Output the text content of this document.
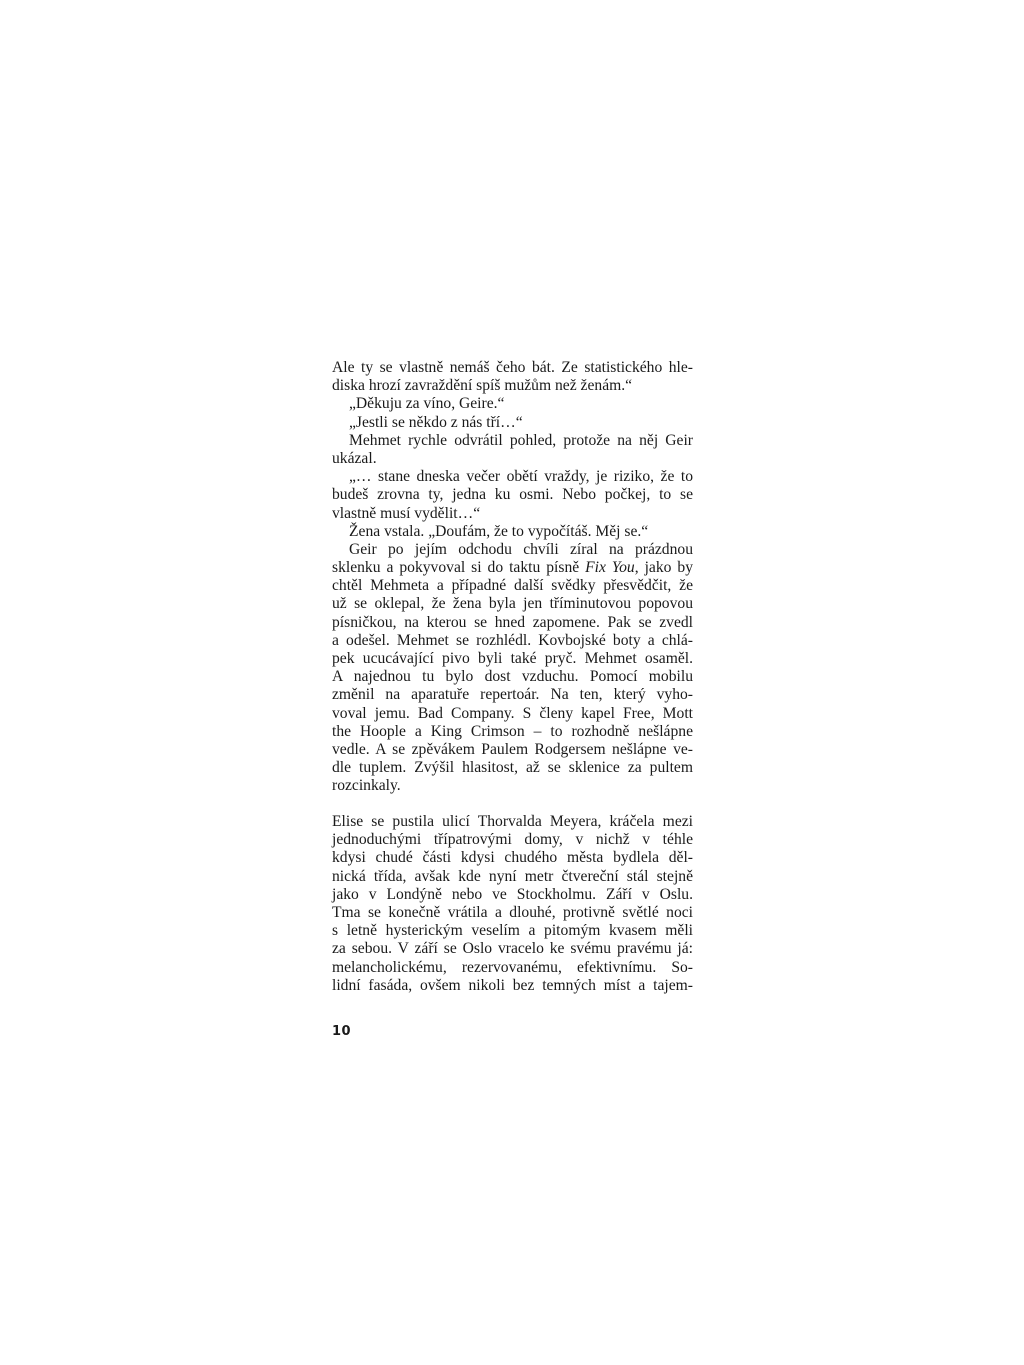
Ale ty se vlastně nemáš čeho bát. Ze statistického hle-
diska hrozí zavraždění spíš mužům než ženám.“
„Děkuju za víno, Geire.“
„Jestli se někdo z nás tří…“
Mehmet rychle odvrátil pohled, protože na něj Geir
ukázal.
„… stane dneska večer obětí vraždy, je riziko, že to
budeš zrovna ty, jedna ku osmi. Nebo počkej, to se
vlastně musí vydělit…“
Žena vstala. „Doufám, že to vypočítáš. Měj se.“
Geir po jejím odchodu chvíli zíral na prázdnou
sklenku a pokyvoval si do taktu písně Fix You, jako by
chtěl Mehmeta a případné další svědky přesvědčit, že
už se oklepal, že žena byla jen tříminutovou popovou
písničkou, na kterou se hned zapomene. Pak se zvedl
a odešel. Mehmet se rozhlédl. Kovbojské boty a chlá-
pek ucucávající pivo byli také pryč. Mehmet osaměl.
A najednou tu bylo dost vzduchu. Pomocí mobilu
změnil na aparatuře repertoár. Na ten, který vyho-
voval jemu. Bad Company. S členy kapel Free, Mott
the Hoople a King Crimson – to rozhodně nešlápne
vedle. A se zpěvákem Paulem Rodgersem nešlápne ve-
dle tuplem. Zvýšil hlasitost, až se sklenice za pultem
rozcinkaly.
Elise se pustila ulicí Thorvalda Meyera, kráčela mezi
jednoduchými třípatrovými domy, v nichž v téhle
kdysi chudé části kdysi chudého města bydlela děl-
nická třída, avšak kde nyní metr čtvereční stál stejně
jako v Londýně nebo ve Stockholmu. Září v Oslu.
Tma se konečně vrátila a dlouhé, protivně světlé noci
s letně hysterickým veselím a pitomým kvasem měli
za sebou. V září se Oslo vracelo ke svému pravému já:
melancholickému, rezervovanému, efektivnímu. So-
lidní fasáda, ovšem nikoli bez temných míst a tajem-
10
